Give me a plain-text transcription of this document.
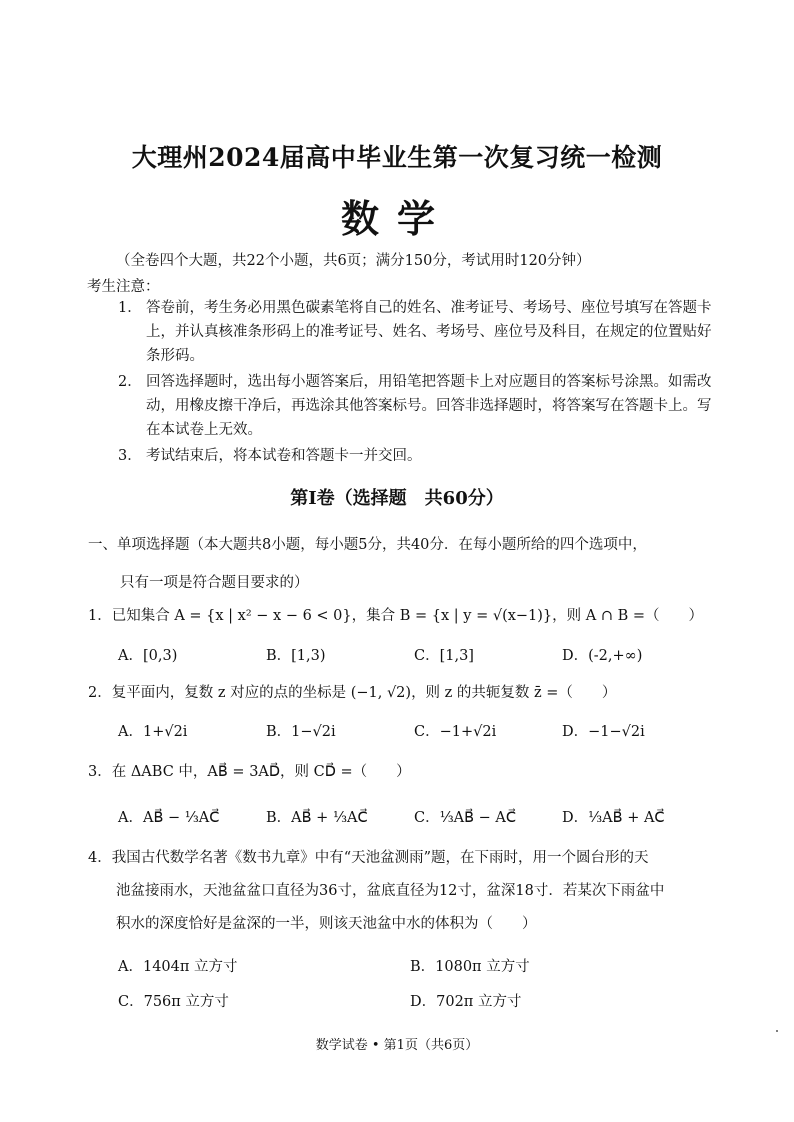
大理州2024届高中毕业生第一次复习统一检测
数学
（全卷四个大题，共22个小题，共6页；满分150分，考试用时120分钟）
考生注意：
1． 答卷前，考生务必用黑色碳素笔将自己的姓名、准考证号、考场号、座位号填写在答题卡上，并认真核准条形码上的准考证号、姓名、考场号、座位号及科目，在规定的位置贴好条形码。
2． 回答选择题时，选出每小题答案后，用铅笔把答题卡上对应题目的答案标号涂黑。如需改动，用橡皮擦干净后，再选涂其他答案标号。回答非选择题时，将答案写在答题卡上。写在本试卷上无效。
3． 考试结束后，将本试卷和答题卡一并交回。
第Ⅰ卷（选择题　共60分）
一、单项选择题（本大题共8小题，每小题5分，共40分．在每小题所给的四个选项中，
只有一项是符合题目要求的）
1．已知集合 A = {x | x² − x − 6 < 0}，集合 B = {x | y = √(x−1)}，则 A ∩ B =（　　）
A．[0,3)	B．[1,3)	C．[1,3]	D．(-2,+∞)
2．复平面内，复数 z 对应的点的坐标是 (−1, √2)，则 z 的共轭复数 z̄ =（　　）
A．1+√2i	B．1−√2i	C．−1+√2i	D．−1−√2i
3．在 ΔABC 中，AB⃗ = 3AD⃗，则 CD⃗ =（　　）
A．AB⃗ − ⅓AC⃗	B．AB⃗ + ⅓AC⃗	C．⅓AB⃗ − AC⃗	D．⅓AB⃗ + AC⃗
4．我国古代数学名著《数书九章》中有“天池盆测雨”题，在下雨时，用一个圆台形的天
池盆接雨水，天池盆盆口直径为36寸，盆底直径为12寸，盆深18寸．若某次下雨盆中
积水的深度恰好是盆深的一半，则该天池盆中水的体积为（　　）
A．1404π 立方寸	B．1080π 立方寸
C．756π 立方寸	D．702π 立方寸
数学试卷 • 第1页（共6页）
